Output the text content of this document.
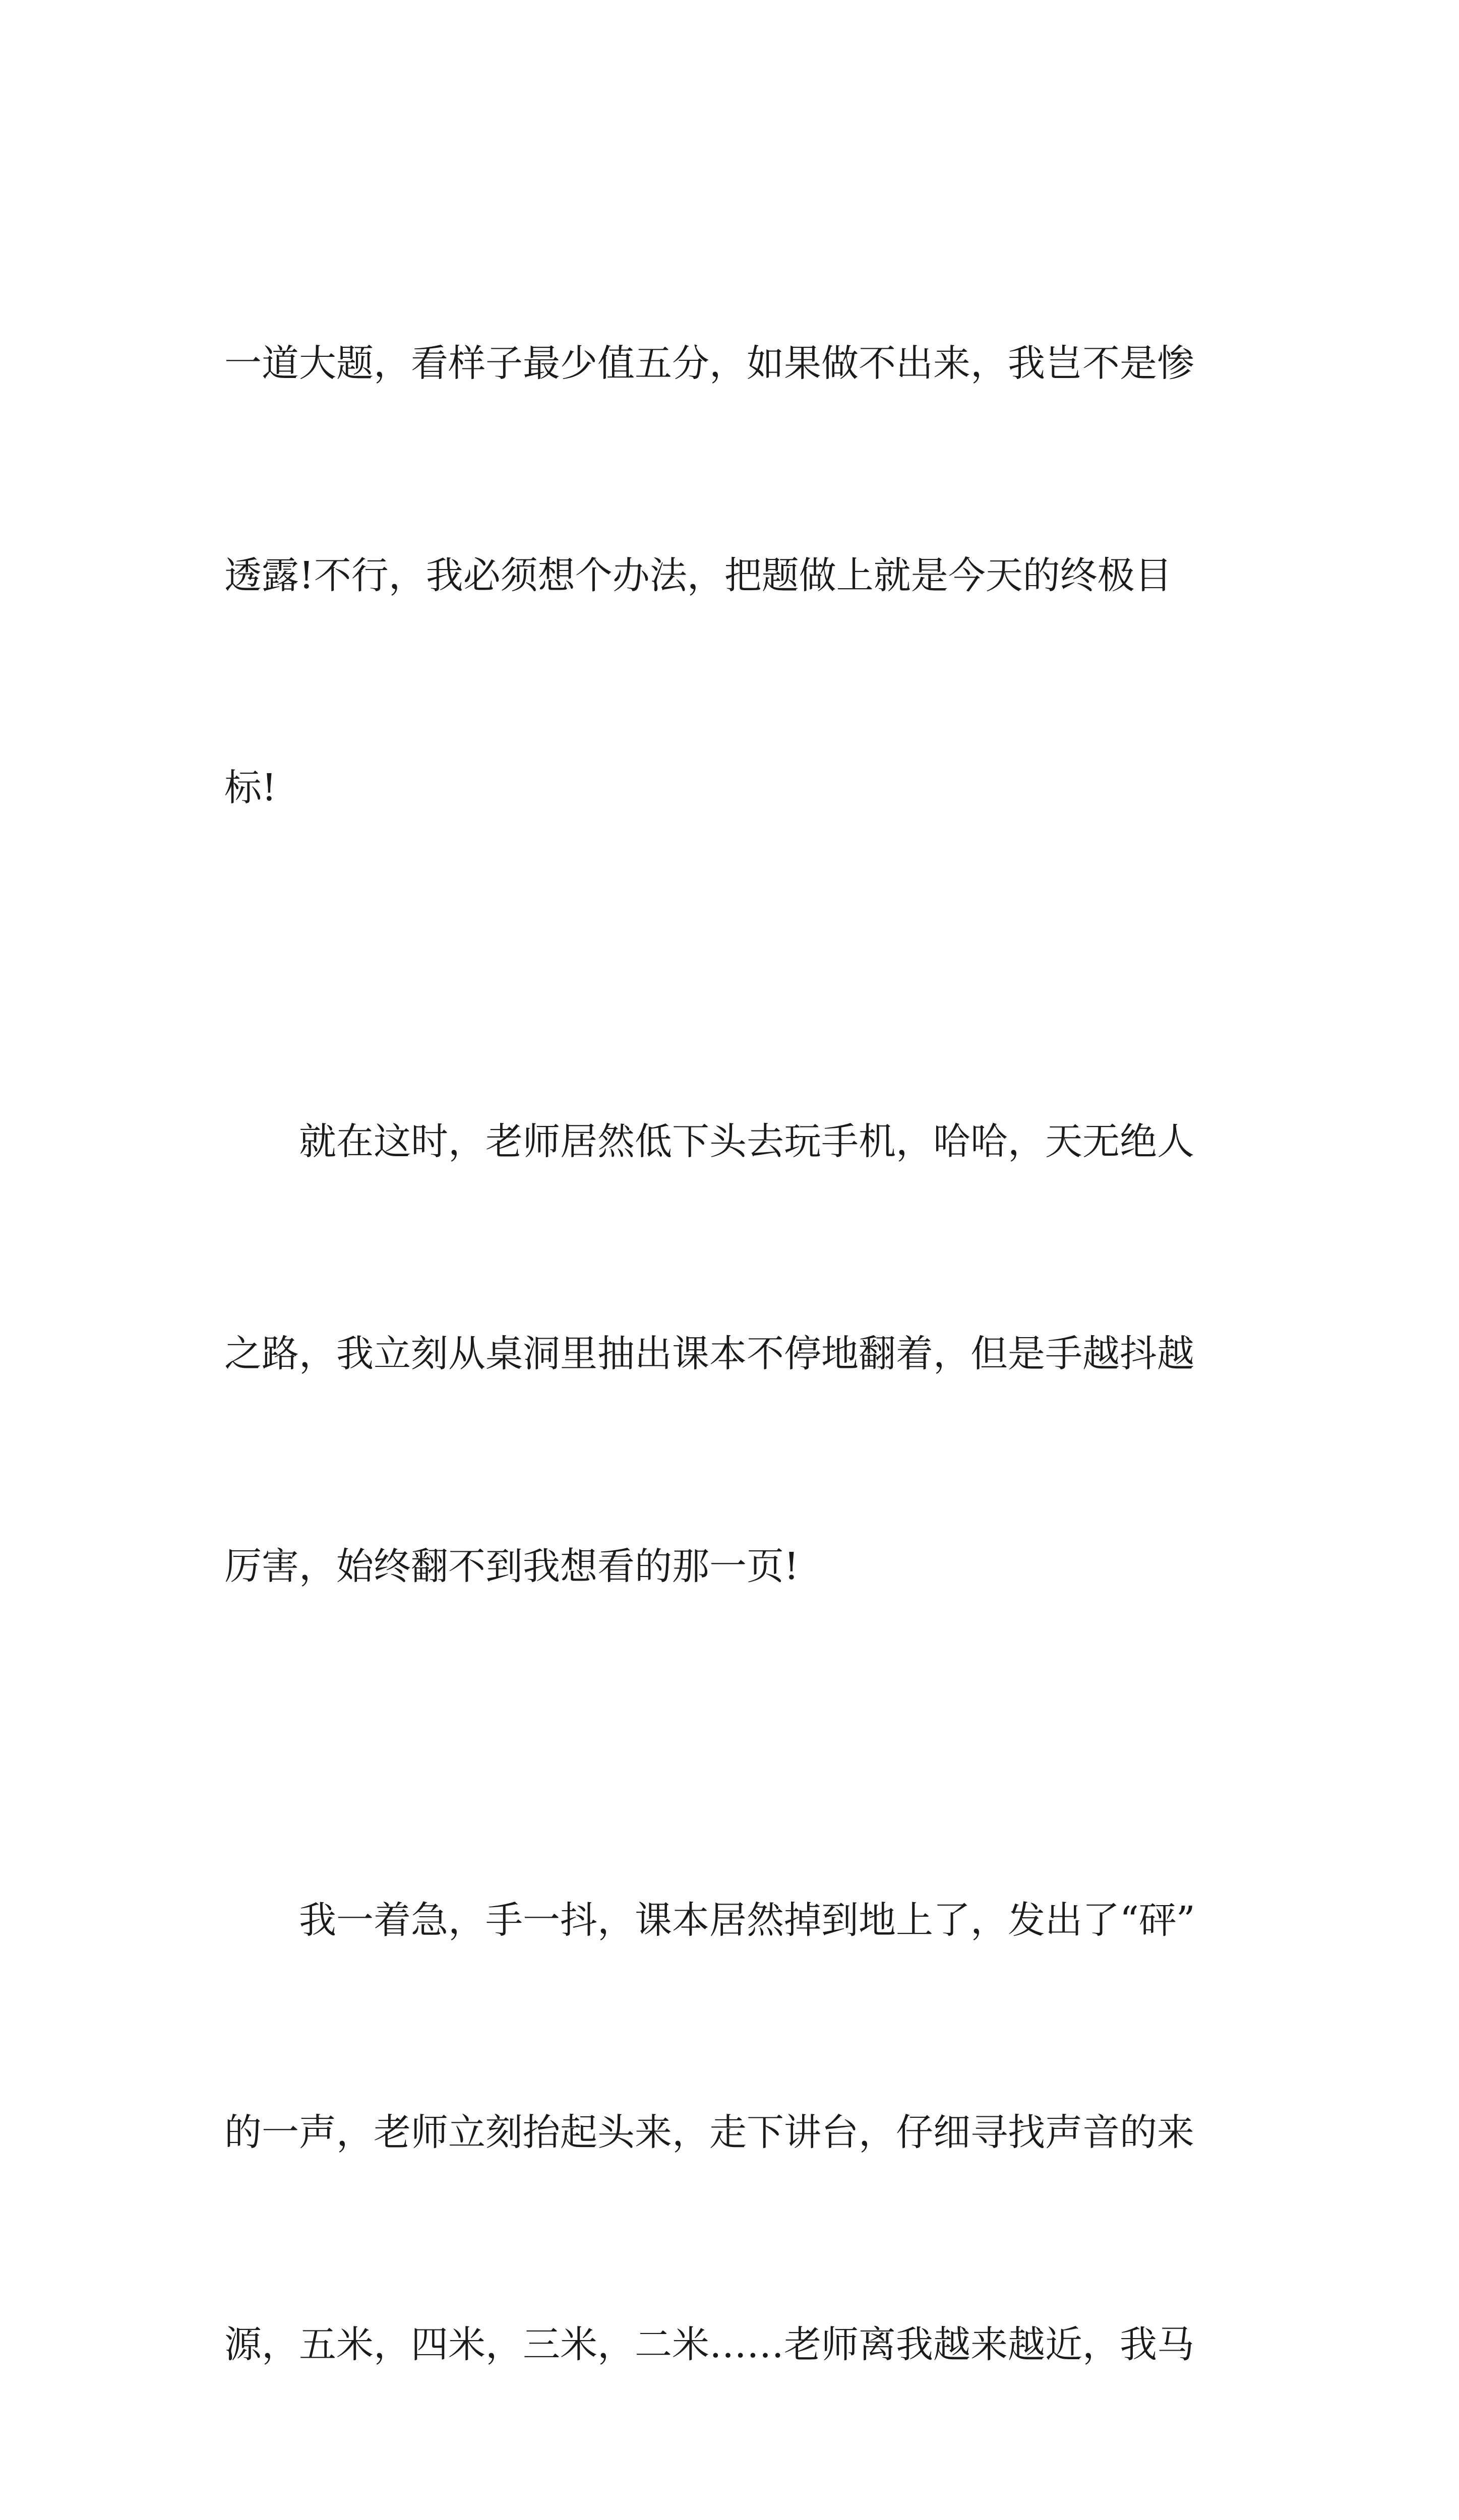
一道大题，看样子最少值五分，如果做不出来，我岂不是惨

透露!不行，我必须想个办法，把题做上就是今天的终极目

标!

就在这时，老师居然低下头去玩手机，哈哈，天无绝人

之路，我立刻从桌洞里抽出课本不停地翻着，但是手越抖越

厉害，始终翻不到我想看的那一页!

我一着急，手一抖，课本居然掉到地上了，发出了“砰”

的一声，老师立刻抬起头来，走下讲台，仔细寻找声音的来

源，五米，四米，三米，二米……老师离我越来越近，我马
